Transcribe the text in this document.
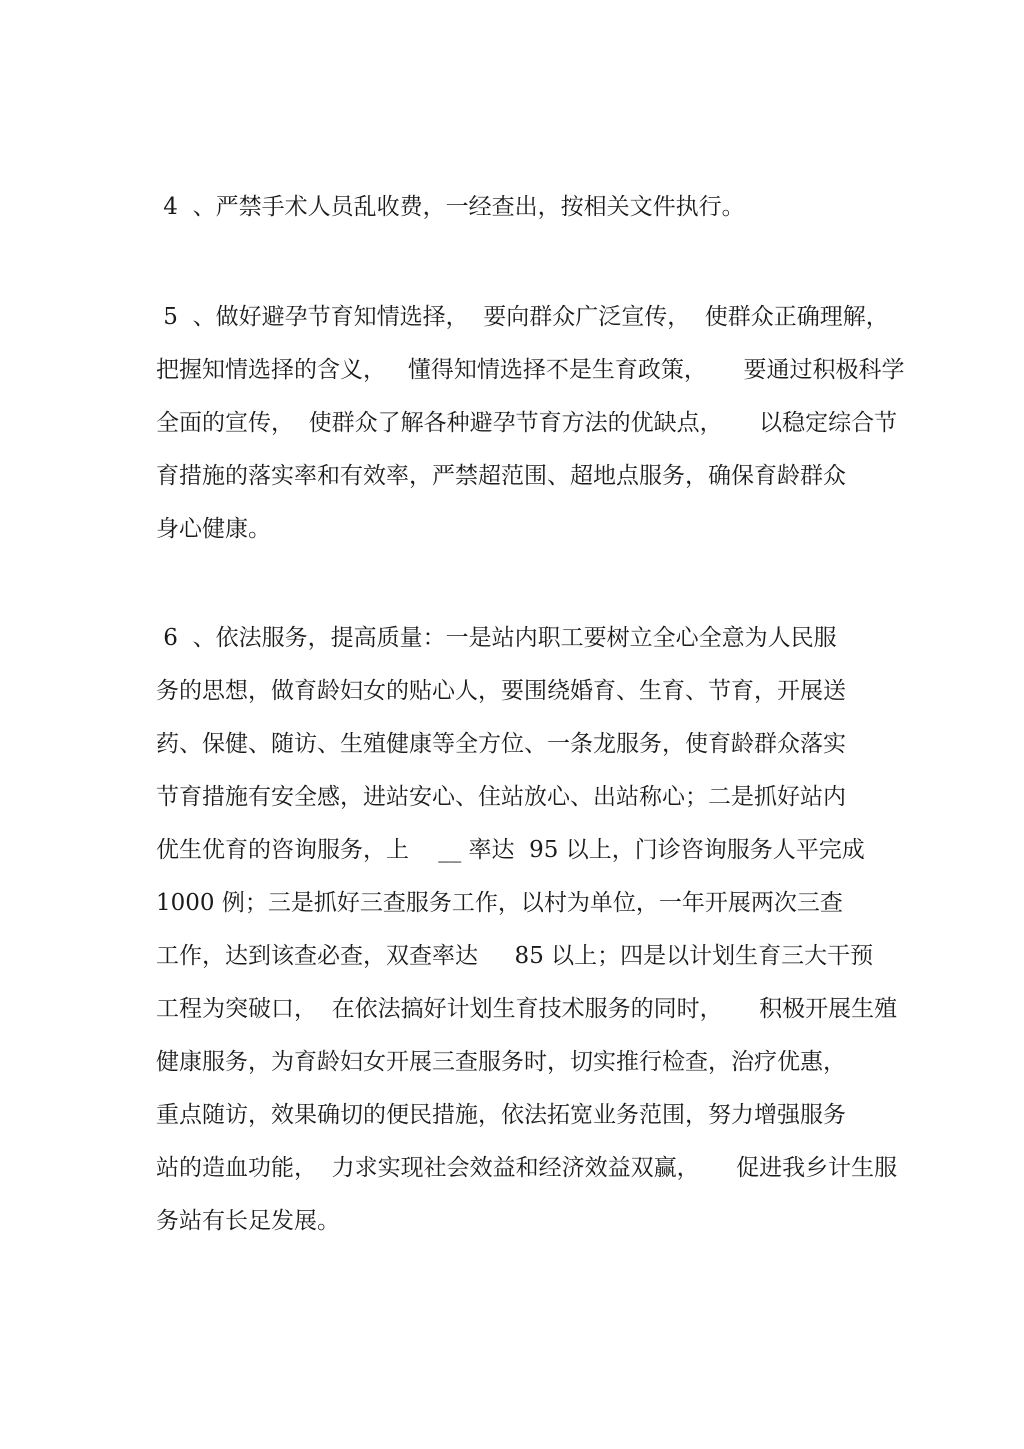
4  、严禁手术人员乱收费，一经查出，按相关文件执行。
5  、做好避孕节育知情选择，  要向群众广泛宣传，  使群众正确理解，
把握知情选择的含义，   懂得知情选择不是生育政策，     要通过积极科学
全面的宣传，  使群众了解各种避孕节育方法的优缺点，     以稳定综合节
育措施的落实率和有效率，严禁超范围、超地点服务，确保育龄群众
身心健康。
6  、依法服务，提高质量：一是站内职工要树立全心全意为人民服
务的思想，做育龄妇女的贴心人，要围绕婚育、生育、节育，开展送
药、保健、随访、生殖健康等全方位、一条龙服务，使育龄群众落实
节育措施有安全感，进站安心、住站放心、出站称心；二是抓好站内
优生优育的咨询服务，上    __ 率达  95 以上，门诊咨询服务人平完成
1000 例；三是抓好三查服务工作，以村为单位，一年开展两次三查
工作，达到该查必查，双查率达     85 以上；四是以计划生育三大干预
工程为突破口，  在依法搞好计划生育技术服务的同时，     积极开展生殖
健康服务，为育龄妇女开展三查服务时，切实推行检查，治疗优惠，
重点随访，效果确切的便民措施，依法拓宽业务范围，努力增强服务
站的造血功能，  力求实现社会效益和经济效益双赢，     促进我乡计生服
务站有长足发展。
